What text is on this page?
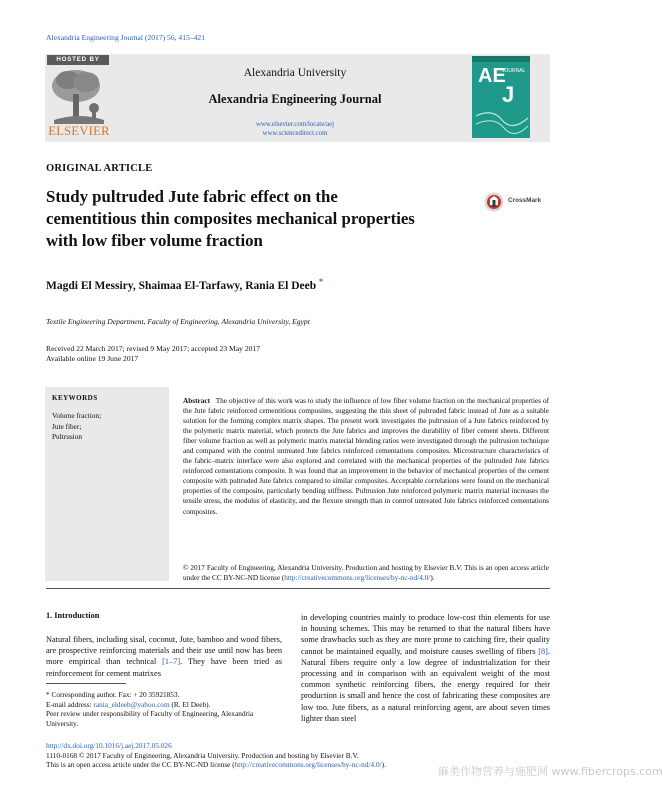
Alexandria Engineering Journal (2017) 56, 415–421
HOSTED BY
ELSEVIER
Alexandria University
Alexandria Engineering Journal
www.elsevier.com/locate/aej
www.sciencedirect.com
AE
J
JOURNAL
ORIGINAL ARTICLE
Study pultruded Jute fabric effect on the
cementitious thin composites mechanical properties
with low fiber volume fraction
CrossMark
Magdi El Messiry, Shaimaa El-Tarfawy, Rania El Deeb *
Textile Engineering Department, Faculty of Engineering, Alexandria University, Egypt
Received 22 March 2017; revised 9 May 2017; accepted 23 May 2017
Available online 19 June 2017
KEYWORDS
Volume fraction;
Jute fiber;
Pultrusion
Abstract The objective of this work was to study the influence of low fiber volume fraction on the mechanical properties of the Jute fabric reinforced cementitious composites, suggesting the thin sheet of pultruded fabric instead of Jute as a suitable solution for the forming complex matrix shapes. The present work investigates the pultrusion of a Jute fabrics reinforced by the polymeric matrix material, which protects the Jute fabrics and improves the durability of fiber cement sheets. Different fiber volume fraction as well as polymeric matrix material blending ratios were investigated through the pultrusion technique and compared with the control untreated Jute fabrics reinforced cementations composites. Microstructure characteristics of the fabric–matrix interface were also explored and correlated with the mechanical properties of the pultruded Jute fabrics reinforced cementations composite. It was found that an improvement in the behavior of mechanical properties of the cement composite with pultruded Jute fabrics compared to similar composites. Acceptable correlations were found on the mechanical properties of the composite, particularly bending stiffness. Pultrusion Jute reinforced polymeric matrix material increases the tensile stress, the modulus of elasticity, and the flexure strength than in control untreated Jute fabrics reinforced cementations composites.
© 2017 Faculty of Engineering, Alexandria University. Production and hosting by Elsevier B.V. This is an open access article under the CC BY-NC-ND license (http://creativecommons.org/licenses/by-nc-nd/4.0/).
1. Introduction
Natural fibers, including sisal, coconut, Jute, bamboo and wood fibers, are prospective reinforcing materials and their use until now has been more empirical than technical [1–7]. They have been tried as reinforcement for cement matrixes
in developing countries mainly to produce low-cost thin elements for use in housing schemes. This may be returned to that the natural fibers have some drawbacks such as they are more prone to catching fire, their quality cannot be maintained equally, and moisture causes swelling of fibers [8]. Natural fibers require only a low degree of industrialization for their processing and in comparison with an equivalent weight of the most common synthetic reinforcing fibers, the energy required for their production is small and hence the cost of fabricating these composites are low too. Jute fibers, as a natural reinforcing agent, are about seven times lighter than steel
* Corresponding author. Fax: + 20 35921853.
E-mail address: rania_eldeeb@yahoo.com (R. El Deeb).
Peer review under responsibility of Faculty of Engineering, Alexandria University.
http://dx.doi.org/10.1016/j.aej.2017.05.026
1110-0168 © 2017 Faculty of Engineering, Alexandria University. Production and hosting by Elsevier B.V.
This is an open access article under the CC BY-NC-ND license (http://creativecommons.org/licenses/by-nc-nd/4.0/).
麻类作物营养与施肥网 www.fibercrops.com
